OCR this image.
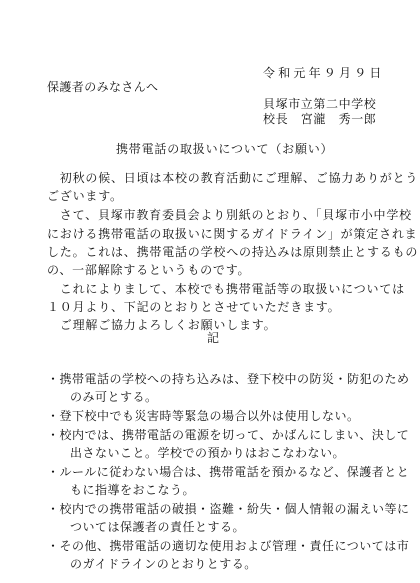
令和元年９月９日
保護者のみなさんへ
貝塚市立第二中学校
校長　宮瀧　秀一郎
携帯電話の取扱いについて（お願い）
　初秋の候、日頃は本校の教育活動にご理解、ご協力ありがとう
ございます。
　さて、貝塚市教育委員会より別紙のとおり、「貝塚市小中学校
における携帯電話の取扱いに関するガイドライン」が策定されま
した。これは、携帯電話の学校への持込みは原則禁止とするもの
の、一部解除するというものです。
　これによりまして、本校でも携帯電話等の取扱いについては
１０月より、下記のとおりとさせていただきます。
　ご理解ご協力よろしくお願いします。
記
・携帯電話の学校への持ち込みは、登下校中の防災・防犯のため
のみ可とする。
・登下校中でも災害時等緊急の場合以外は使用しない。
・校内では、携帯電話の電源を切って、かばんにしまい、決して
出さないこと。学校での預かりはおこなわない。
・ルールに従わない場合は、携帯電話を預かるなど、保護者とと
もに指導をおこなう。
・校内での携帯電話の破損・盗難・紛失・個人情報の漏えい等に
ついては保護者の責任とする。
・その他、携帯電話の適切な使用および管理・責任については市
のガイドラインのとおりとする。
